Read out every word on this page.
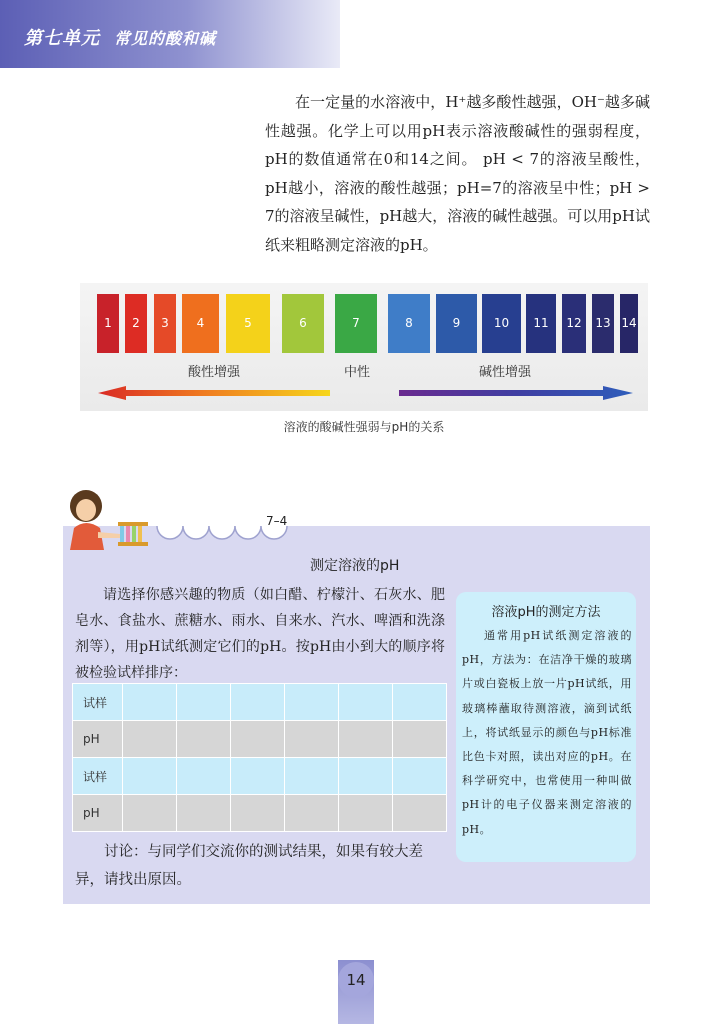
第七单元 常见的酸和碱

在一定量的水溶液中，H⁺越多酸性越强，OH⁻越多碱性越强。化学上可以用pH表示溶液酸碱性的强弱程度，pH的数值通常在0和14之间。 pH < 7的溶液呈酸性， pH越小，溶液的酸性越强；pH=7的溶液呈中性；pH > 7的溶液呈碱性，pH越大，溶液的碱性越强。可以用pH试纸来粗略测定溶液的pH。

1	2	3	4	5	6	7	8	9	10	11	12	13 14
酸性增强	中性	碱性增强
溶液的酸碱性强弱与pH的关系
7–4
测定溶液的pH

请选择你感兴趣的物质（如白醋、柠檬汁、石灰水、肥皂水、食盐水、蔗糖水、雨水、自来水、汽水、啤酒和洗涤剂等），用pH试纸测定它们的pH。按pH由小到大的顺序将被检验试样排序：

试样						
pH						
试样						
pH						

讨论：与同学们交流你的测试结果，如果有较大差异，请找出原因。

溶液pH的测定方法

通常用pH试纸测定溶液的pH，方法为：在洁净干燥的玻璃片或白瓷板上放一片pH试纸，用玻璃棒蘸取待测溶液，滴到试纸上，将试纸显示的颜色与pH标准比色卡对照，读出对应的pH。在科学研究中，也常使用一种叫做pH计的电子仪器来测定溶液的pH。

14
